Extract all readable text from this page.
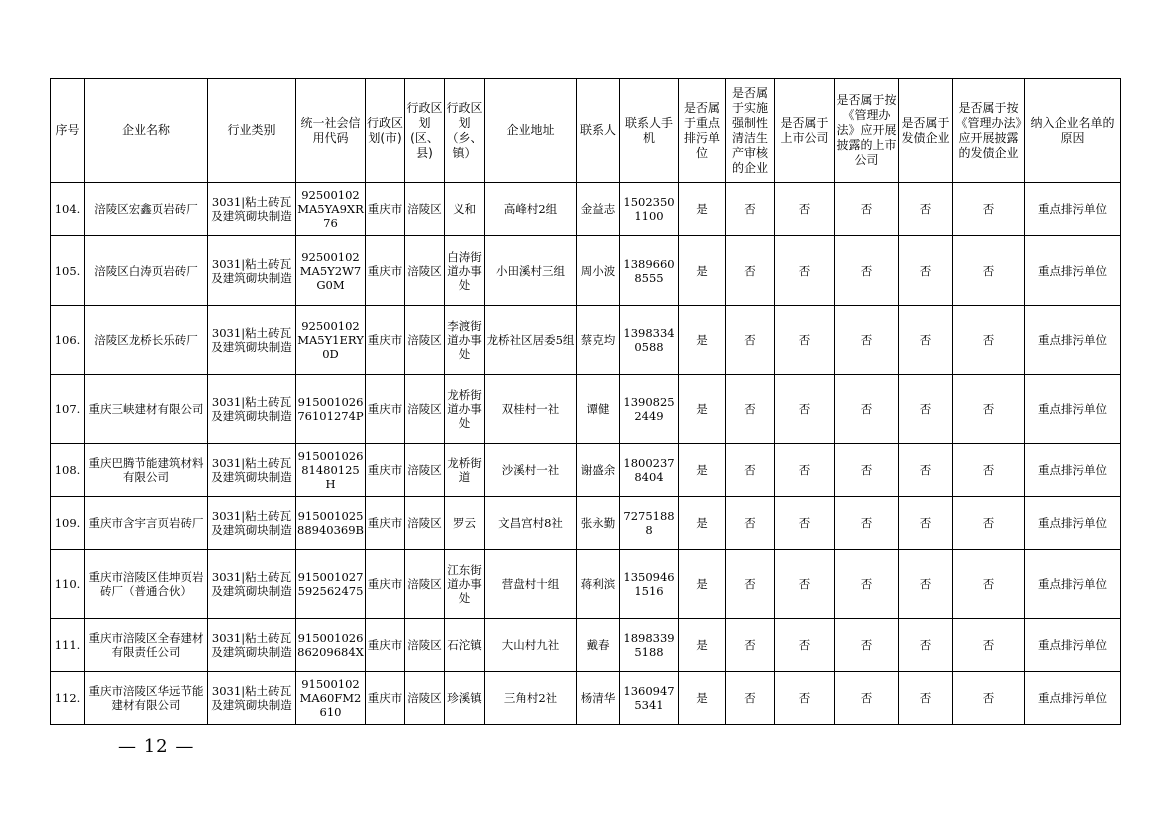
序号	企业名称	行业类别	统一社会信用代码	行政区划(市)	行政区划(区、县)	行政区划（乡、镇）	企业地址	联系人	联系人手机	是否属于重点排污单位	是否属于实施强制性清洁生产审核的企业	是否属于上市公司	是否属于按《管理办法》应开展披露的上市公司	是否属于发债企业	是否属于按《管理办法》应开展披露的发债企业	纳入企业名单的原因
104.	涪陵区宏鑫页岩砖厂	3031|粘土砖瓦及建筑砌块制造	92500102MA5YA9XR76	重庆市	涪陵区	义和	高峰村2组	金益志	15023501100	是	否	否	否	否	否	重点排污单位
105.	涪陵区白涛页岩砖厂	3031|粘土砖瓦及建筑砌块制造	92500102MA5Y2W7G0M	重庆市	涪陵区	白涛街道办事处	小田溪村三组	周小波	13896608555	是	否	否	否	否	否	重点排污单位
106.	涪陵区龙桥长乐砖厂	3031|粘土砖瓦及建筑砌块制造	92500102MA5Y1ERY0D	重庆市	涪陵区	李渡街道办事处	龙桥社区居委5组	蔡克均	13983340588	是	否	否	否	否	否	重点排污单位
107.	重庆三峡建材有限公司	3031|粘土砖瓦及建筑砌块制造	91500102676101274P	重庆市	涪陵区	龙桥街道办事处	双桂村一社	谭健	13908252449	是	否	否	否	否	否	重点排污单位
108.	重庆巴腾节能建筑材料有限公司	3031|粘土砖瓦及建筑砌块制造	91500102681480125H	重庆市	涪陵区	龙桥街道	沙溪村一社	谢盛余	18002378404	是	否	否	否	否	否	重点排污单位
109.	重庆市含宇言页岩砖厂	3031|粘土砖瓦及建筑砌块制造	91500102588940369B	重庆市	涪陵区	罗云	文昌宫村8社	张永勤	72751888	是	否	否	否	否	否	重点排污单位
110.	重庆市涪陵区佳坤页岩砖厂（普通合伙）	3031|粘土砖瓦及建筑砌块制造	915001027592562475	重庆市	涪陵区	江东街道办事处	营盘村十组	蒋利滨	13509461516	是	否	否	否	否	否	重点排污单位
111.	重庆市涪陵区全春建材有限责任公司	3031|粘土砖瓦及建筑砌块制造	91500102686209684X	重庆市	涪陵区	石沱镇	大山村九社	戴春	18983395188	是	否	否	否	否	否	重点排污单位
112.	重庆市涪陵区华远节能建材有限公司	3031|粘土砖瓦及建筑砌块制造	91500102MA60FM2610	重庆市	涪陵区	珍溪镇	三角村2社	杨清华	13609475341	是	否	否	否	否	否	重点排污单位
— 12 —
